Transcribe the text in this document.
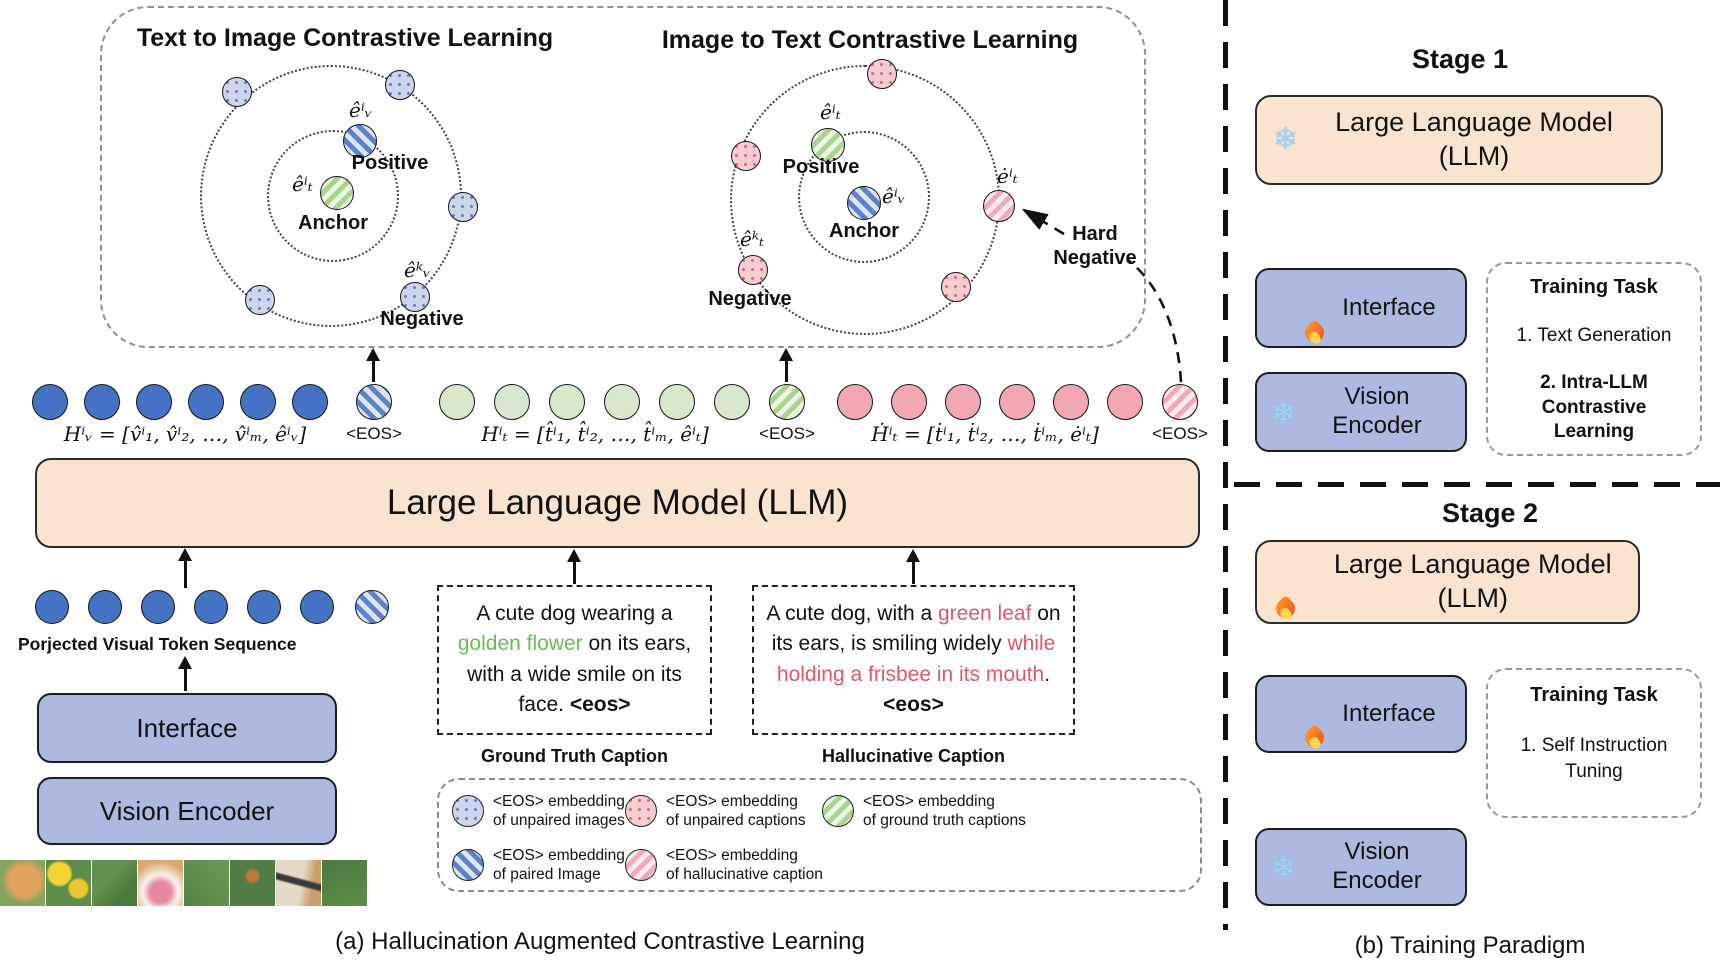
Text to Image Contrastive Learning
êⁱₜ
Anchor
êⁱᵥ
Positive
êᵏᵥ
Negative
Image to Text Contrastive Learning
êⁱᵥ
Anchor
êⁱₜ
Positive
êᵏₜ
Negative
ėⁱₜ
Hard Negative
Hⁱᵥ = [v̂ⁱ₁, v̂ⁱ₂, …, v̂ⁱₘ, êⁱᵥ]	<EOS>	Hⁱₜ = [t̂ⁱ₁, t̂ⁱ₂, …, t̂ⁱₘ, êⁱₜ]	<EOS>	Ḣⁱₜ = [ṫⁱ₁, ṫⁱ₂, …, ṫⁱₘ, ėⁱₜ]	<EOS>
Large Language Model (LLM)
Porjected Visual Token Sequence
Interface
Vision Encoder
A cute dog wearing a golden flower on its ears, with a wide smile on its face. <eos>
Ground Truth Caption
A cute dog, with a green leaf on its ears, is smiling widely while holding a frisbee in its mouth. <eos>
Hallucinative Caption
<EOS> embedding
of unpaired images
<EOS> embedding
of unpaired captions
<EOS> embedding
of ground truth captions
<EOS> embedding
of paired Image
<EOS> embedding
of hallucinative caption
(a) Hallucination Augmented Contrastive Learning
Stage 1
❄
Large Language Model (LLM)
Interface
❄
Vision Encoder
Training Task
1. Text Generation
2. Intra-LLM Contrastive Learning
Stage 2
Large Language Model (LLM)
Interface
Training Task
1. Self Instruction Tuning
❄
Vision Encoder
(b) Training Paradigm
